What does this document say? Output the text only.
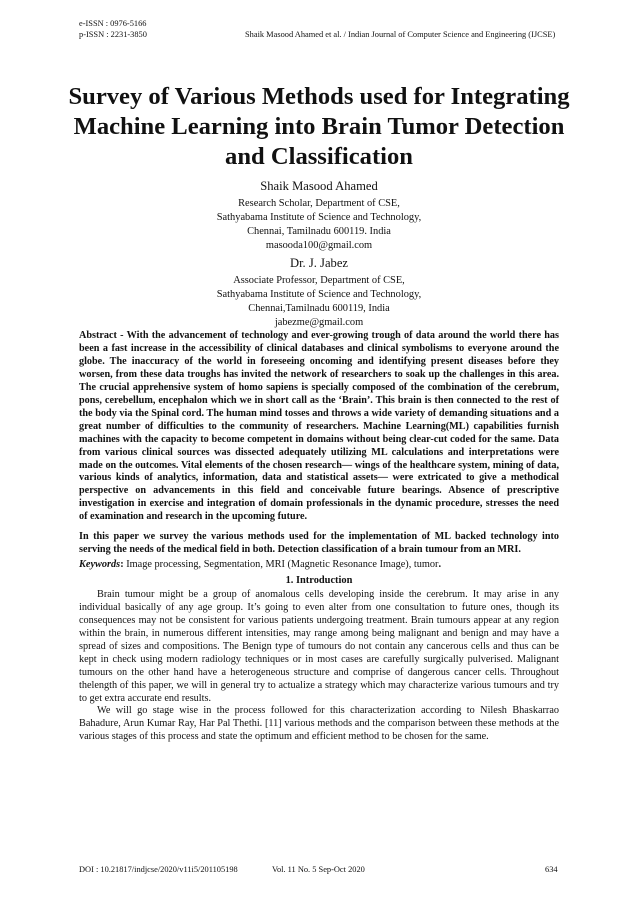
e-ISSN : 0976-5166
p-ISSN : 2231-3850	Shaik Masood Ahamed et al. / Indian Journal of Computer Science and Engineering (IJCSE)
Survey of Various Methods used for Integrating Machine Learning into Brain Tumor Detection and Classification
Shaik Masood Ahamed
Research Scholar, Department of CSE,
Sathyabama Institute of Science and Technology,
Chennai, Tamilnadu 600119. India
masooda100@gmail.com
Dr. J. Jabez
Associate Professor, Department of CSE,
Sathyabama Institute of Science and Technology,
Chennai,Tamilnadu 600119, India
jabezme@gmail.com

Abstract - With the advancement of technology and ever-growing trough of data around the world there has been a fast increase in the accessibility of clinical databases and clinical symbolisms to everyone around the globe. The inaccuracy of the world in foreseeing oncoming and identifying present diseases before they worsen, from these data troughs has invited the network of researchers to soak up the challenges in this area. The crucial apprehensive system of homo sapiens is specially composed of the combination of the cerebrum, pons, cerebellum, encephalon which we in short call as the ‘Brain’. This brain is then connected to the rest of the body via the Spinal cord. The human mind tosses and throws a wide variety of demanding situations and a great number of difficulties to the community of researchers. Machine Learning(ML) capabilities furnish machines with the capacity to become competent in domains without being clear-cut coded for the same. Data from various clinical sources was dissected adequately utilizing ML calculations and interpretations were made on the outcomes. Vital elements of the chosen research— wings of the healthcare system, mining of data, various kinds of analytics, information, data and statistical assets— were extricated to give a methodical perspective on advancements in this field and conceivable future bearings. Absence of prescriptive investigation in exercise and integration of domain professionals in the dynamic procedure, stresses the need of examination and research in the upcoming future.

In this paper we survey the various methods used for the implementation of ML backed technology into serving the needs of the medical field in both. Detection classification of a brain tumour from an MRI.

Keywords: Image processing, Segmentation, MRI (Magnetic Resonance Image), tumor.

1. Introduction

Brain tumour might be a group of anomalous cells developing inside the cerebrum. It may arise in any individual basically of any age group. It’s going to even alter from one consultation to future ones, though its consequences may not be consistent for various patients undergoing treatment. Brain tumours appear at any region within the brain, in numerous different intensities, may range among being malignant and benign and may have a spread of sizes and compositions. The Benign type of tumours do not contain any cancerous cells and thus can be kept in check using modern radiology techniques or in most cases are carefully surgically pulverised. Malignant tumours on the other hand have a heterogeneous structure and comprise of dangerous cancer cells. Throughout thelength of this paper, we will in general try to actualize a strategy which may characterize various tumours and try to get extra accurate end results.

We will go stage wise in the process followed for this characterization according to Nilesh Bhaskarrao Bahadure, Arun Kumar Ray, Har Pal Thethi. [11] various methods and the comparison between these methods at the various stages of this process and state the optimum and efficient method to be chosen for the same.

DOI : 10.21817/indjcse/2020/v11i5/201105198	Vol. 11 No. 5 Sep-Oct 2020	634
